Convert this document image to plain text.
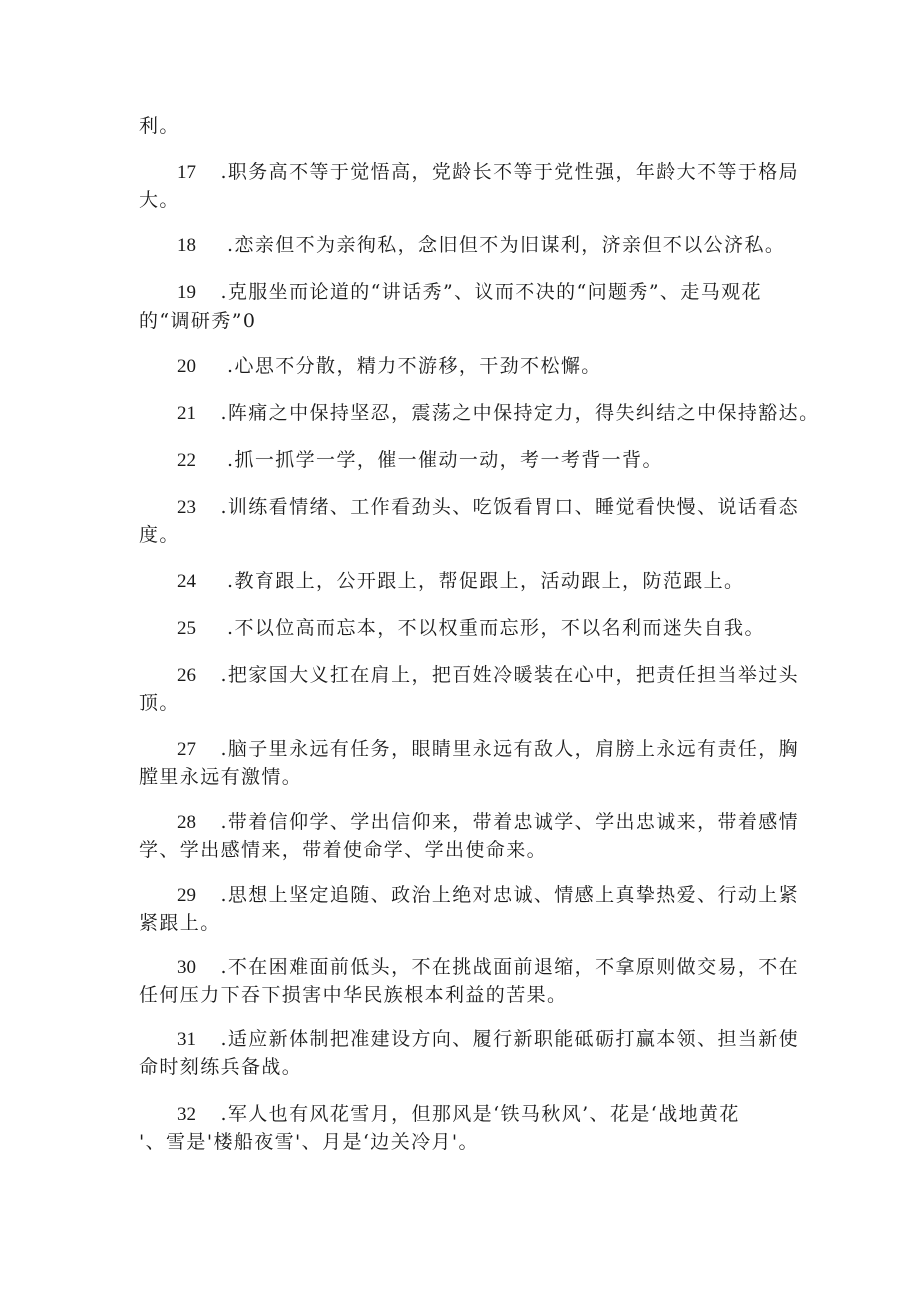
利。
17 .职务高不等于觉悟高，党龄长不等于党性强，年龄大不等于格局
大。
18 .恋亲但不为亲徇私，念旧但不为旧谋利，济亲但不以公济私。
19 .克服坐而论道的“讲话秀”、议而不决的“问题秀”、走马观花
的“调研秀”0
20 .心思不分散，精力不游移，干劲不松懈。
21 .阵痛之中保持坚忍，震荡之中保持定力，得失纠结之中保持豁达。
22 .抓一抓学一学，催一催动一动，考一考背一背。
23 .训练看情绪、工作看劲头、吃饭看胃口、睡觉看快慢、说话看态
度。
24 .教育跟上，公开跟上，帮促跟上，活动跟上，防范跟上。
25 .不以位高而忘本，不以权重而忘形，不以名利而迷失自我。
26 .把家国大义扛在肩上，把百姓冷暖装在心中，把责任担当举过头
顶。
27 .脑子里永远有任务，眼睛里永远有敌人，肩膀上永远有责任，胸
膛里永远有激情。
28 .带着信仰学、学出信仰来，带着忠诚学、学出忠诚来，带着感情
学、学出感情来，带着使命学、学出使命来。
29 .思想上坚定追随、政治上绝对忠诚、情感上真挚热爱、行动上紧
紧跟上。
30 .不在困难面前低头，不在挑战面前退缩，不拿原则做交易，不在
任何压力下吞下损害中华民族根本利益的苦果。
31 .适应新体制把准建设方向、履行新职能砥砺打赢本领、担当新使
命时刻练兵备战。
32 .军人也有风花雪月，但那风是‘铁马秋风’、花是‘战地黄花
'、雪是'楼船夜雪'、月是‘边关冷月'。
